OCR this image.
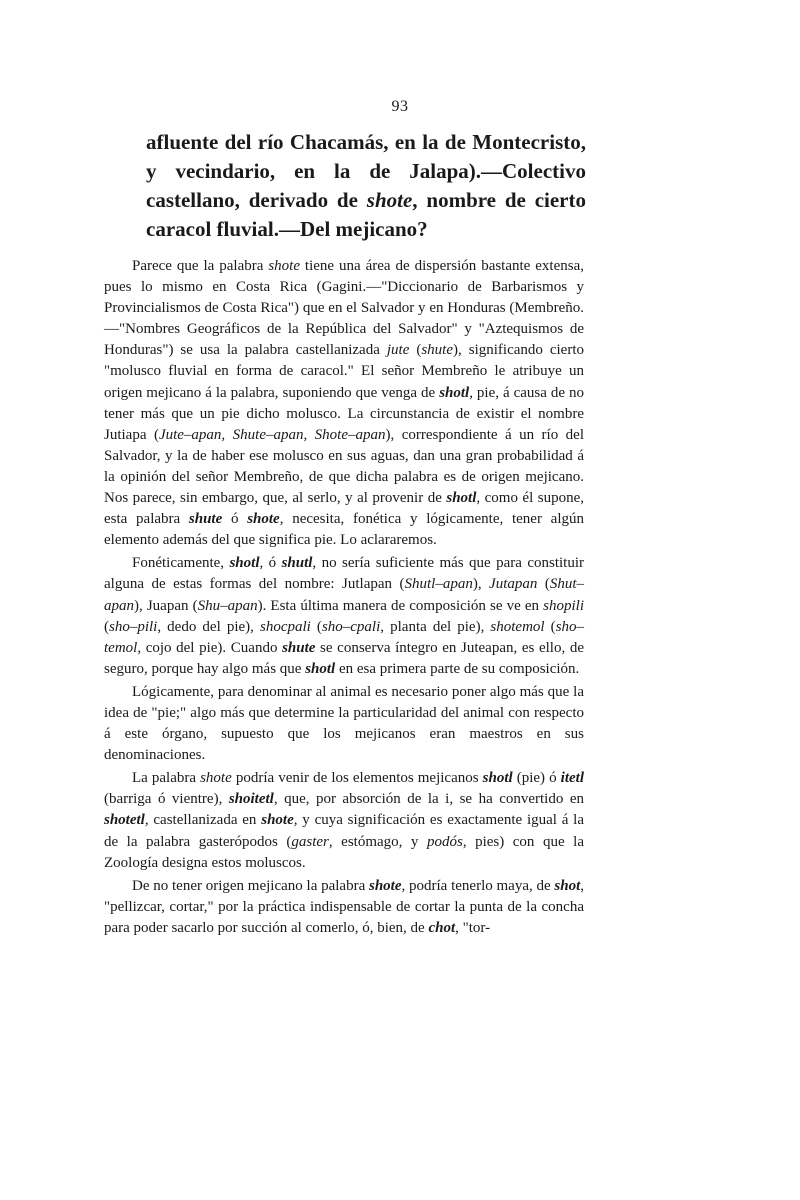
93

afluente del río Chacamás, en la de Montecristo, y vecindario, en la de Jalapa).—Colectivo castellano, derivado de shote, nombre de cierto caracol fluvial.—Del mejicano?

Parece que la palabra shote tiene una área de dispersión bastante extensa, pues lo mismo en Costa Rica (Gagini.—"Diccionario de Barbarismos y Provincialismos de Costa Rica") que en el Salvador y en Honduras (Membreño.—"Nombres Geográficos de la República del Salvador" y "Aztequismos de Honduras") se usa la palabra castellanizada jute (shute), significando cierto "molusco fluvial en forma de caracol." El señor Membreño le atribuye un origen mejicano á la palabra, suponiendo que venga de shotl, pie, á causa de no tener más que un pie dicho molusco. La circunstancia de existir el nombre Jutiapa (Jute–apan, Shute–apan, Shote–apan), correspondiente á un río del Salvador, y la de haber ese molusco en sus aguas, dan una gran probabilidad á la opinión del señor Membreño, de que dicha palabra es de origen mejicano. Nos parece, sin embargo, que, al serlo, y al provenir de shotl, como él supone, esta palabra shute ó shote, necesita, fonética y lógicamente, tener algún elemento además del que significa pie. Lo aclararemos.

Fonéticamente, shotl, ó shutl, no sería suficiente más que para constituir alguna de estas formas del nombre: Jutlapan (Shutl–apan), Jutapan (Shut–apan), Juapan (Shu–apan). Esta última manera de composición se ve en shopili (sho–pili, dedo del pie), shocpali (sho–cpali, planta del pie), shotemol (sho–temol, cojo del pie). Cuando shute se conserva íntegro en Juteapan, es ello, de seguro, porque hay algo más que shotl en esa primera parte de su composición.

Lógicamente, para denominar al animal es necesario poner algo más que la idea de "pie;" algo más que determine la particularidad del animal con respecto á este órgano, supuesto que los mejicanos eran maestros en sus denominaciones.

La palabra shote podría venir de los elementos mejicanos shotl (pie) ó itetl (barriga ó vientre), shoitetl, que, por absorción de la i, se ha convertido en shotetl, castellanizada en shote, y cuya significación es exactamente igual á la de la palabra gasterópodos (gaster, estómago, y podós, pies) con que la Zoología designa estos moluscos.

De no tener origen mejicano la palabra shote, podría tenerlo maya, de shot, "pellizcar, cortar," por la práctica indispensable de cortar la punta de la concha para poder sacarlo por succión al comerlo, ó, bien, de chot, "tor-
